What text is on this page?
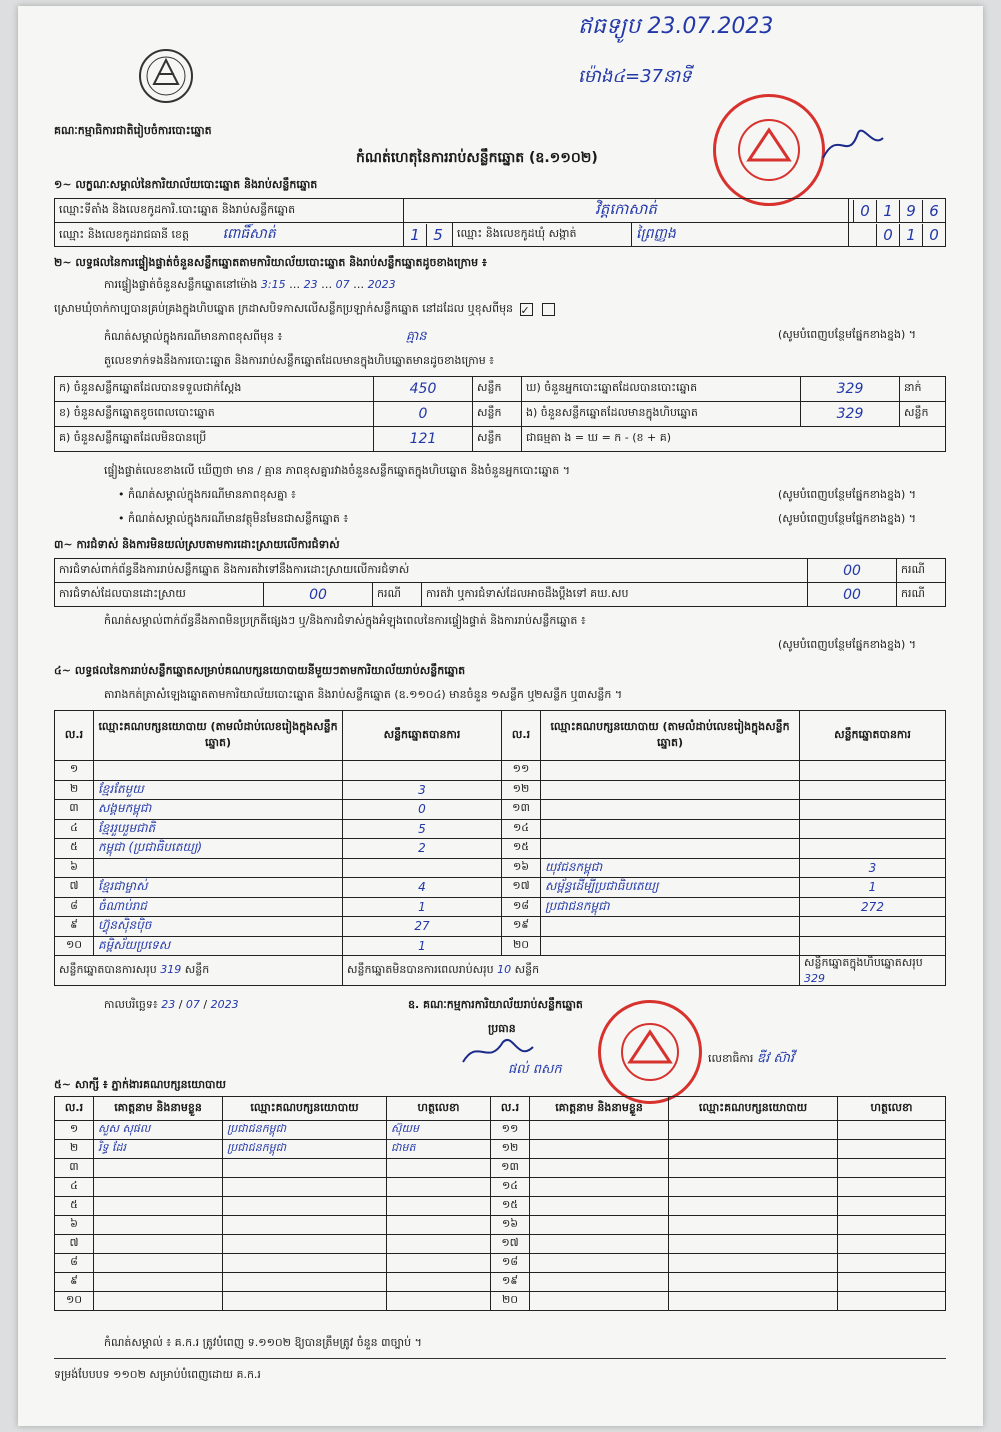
ឥធទ្យូប 23.07.2023
ម៉ោង៤=37នាទី
គណៈកម្មាធិការជាតិរៀបចំការបោះឆ្នោត
កំណត់ហេតុនៃការរាប់សន្លឹកឆ្នោត (ឧ.១១០២)
១~ លក្ខណៈសម្គាល់នៃការិយាល័យបោះឆ្នោត និងរាប់សន្លឹកឆ្នោត
ឈ្មោះទីតាំង និងលេខកូដការិ.បោះឆ្នោត និងរាប់សន្លឹកឆ្នោត	វិត្តកោសាត់			0 1 9 6
ឈ្មោះ និងលេខកូដរាជធានី ខេត្ត ពោធិ៍សាត់	1 5	ឈ្មោះ និងលេខកូដឃុំ សង្កាត់	ព្រៃញ្ញង	0 1 0
២~ លទ្ធផលនៃការផ្ទៀងផ្ទាត់ចំនួនសន្លឹកឆ្នោតតាមការិយាល័យបោះឆ្នោត និងរាប់សន្លឹកឆ្នោតដូចខាងក្រោម ៖
ការផ្ទៀងផ្ទាត់ចំនួនសន្លឹកឆ្នោតនៅម៉ោង 3:15 … 23 … 07 … 2023
ស្រោមឃុំចាក់កាប្បបានគ្រប់គ្រងក្នុងហិបឆ្នោត ក្រដាសបិទកាសលើសន្លឹកប្រឡាក់សន្លឹកឆ្នោត នៅដដែល ឬខុសពីមុន ✓
កំណត់សម្គាល់ក្នុងករណីមានភាពខុសពីមុន ៖	គ្មាន	(សូមបំពេញបន្ថែមផ្នែកខាងខ្នង) ។
តួលេខទាក់ទងនឹងការបោះឆ្នោត និងការរាប់សន្លឹកឆ្នោតដែលមានក្នុងហិបឆ្នោតមានដូចខាងក្រោម ៖
ក) ចំនួនសន្លឹកឆ្នោតដែលបានទទួលជាក់ស្តែង	450	សន្លឹក	ឃ) ចំនួនអ្នកបោះឆ្នោតដែលបានបោះឆ្នោត	329	នាក់
ខ) ចំនួនសន្លឹកឆ្នោតខូចពេលបោះឆ្នោត	0	សន្លឹក	ង) ចំនួនសន្លឹកឆ្នោតដែលមានក្នុងហិបឆ្នោត	329	សន្លឹក
គ) ចំនួនសន្លឹកឆ្នោតដែលមិនបានប្រើ	121	សន្លឹក	ជាធម្មតា ង = ឃ = ក - (ខ + គ)		
ផ្ទៀងផ្ទាត់លេខខាងលើ ឃើញថា មាន / គ្មាន ភាពខុសគ្នារវាងចំនួនសន្លឹកឆ្នោតក្នុងហិបឆ្នោត និងចំនួនអ្នកបោះឆ្នោត ។
• កំណត់សម្គាល់ក្នុងករណីមានភាពខុសគ្នា ៖	(សូមបំពេញបន្ថែមផ្នែកខាងខ្នង) ។
• កំណត់សម្គាល់ក្នុងករណីមានវត្ថុមិនមែនជាសន្លឹកឆ្នោត ៖	(សូមបំពេញបន្ថែមផ្នែកខាងខ្នង) ។
៣~ ការជំទាស់ និងការមិនយល់ស្របតាមការដោះស្រាយលើការជំទាស់
ការជំទាស់ពាក់ព័ន្ធនឹងការរាប់សន្លឹកឆ្នោត និងការតវ៉ាទៅនឹងការដោះស្រាយលើការជំទាស់				00	ករណី
ការជំទាស់ដែលបានដោះស្រាយ	00	ករណី	ការតវ៉ា ឬការជំទាស់ដែលអាចដឹងប្តឹងទៅ គឃ.សប	00	ករណី
កំណត់សម្គាល់ពាក់ព័ន្ធនឹងភាពមិនប្រក្រតីផ្សេងៗ ឬ/និងការជំទាស់ក្នុងអំឡុងពេលនៃការផ្ទៀងផ្ទាត់ និងការរាប់សន្លឹកឆ្នោត ៖
(សូមបំពេញបន្ថែមផ្នែកខាងខ្នង) ។
៤~ លទ្ធផលនៃការរាប់សន្លឹកឆ្នោតសម្រាប់គណបក្សនយោបាយនីមួយៗតាមការិយាល័យរាប់សន្លឹកឆ្នោត
តារាងកត់ត្រាសំឡេងឆ្នោតតាមការិយាល័យបោះឆ្នោត និងរាប់សន្លឹកឆ្នោត (ឧ.១១០៤) មានចំនួន ១សន្លឹក ឬ២សន្លឹក ឬ៣សន្លឹក ។
ល.រ	ឈ្មោះគណបក្សនយោបាយ (តាមលំដាប់លេខរៀងក្នុងសន្លឹកឆ្នោត)	សន្លឹកឆ្នោតបានការ	ល.រ	ឈ្មោះគណបក្សនយោបាយ (តាមលំដាប់លេខរៀងក្នុងសន្លឹកឆ្នោត)	សន្លឹកឆ្នោតបានការ
១			១១		
២	ខ្មែរតែមួយ	3	១២		
៣	សង្គមកម្ពុជា	0	១៣		
៤	ខ្មែររួបរួមជាតិ	5	១៤		
៥	កម្ពុជា (ប្រជាធិបតេយ្យ)	2	១៥		
៦			១៦	យុវជនកម្ពុជា	3
៧	ខ្មែរជាម្ចាស់	4	១៧	សម្ព័ន្ធដើម្បីប្រជាធិបតេយ្យ	1
៨	ចំណាប់រាជ	1	១៨	ប្រជាជនកម្ពុជា	272
៩	ហ៊្វុនស៊ិនប៉ិច	27	១៩		
១០	គម្ពិស័យប្រទេស	1	២០		
សន្លឹកឆ្នោតបានការសរុប 319 សន្លឹក		សន្លឹកឆ្នោតមិនបានការពេលរាប់សរុប 10 សន្លឹក			សន្លឹកឆ្នោតក្នុងហិបឆ្នោតសរុប 329
កាលបរិច្ឆេទ៖ 23 / 07 / 2023	ឧ. គណៈកម្មការការិយាល័យរាប់សន្លឹកឆ្នោត
ប្រធាន
ផល់ ពសក
លេខាធិការ ឌីវ ស៊ាវី
៥~ សាក្សី ៖ ភ្នាក់ងារគណបក្សនយោបាយ
ល.រ	គោត្តនាម និងនាមខ្លួន	ឈ្មោះគណបក្សនយោបាយ	ហត្ថលេខា	ល.រ	គោត្តនាម និងនាមខ្លួន	ឈ្មោះគណបក្សនយោបាយ	ហត្ថលេខា
១	សួស សុផល	ប្រជាជនកម្ពុជា	ស៊ុយម	១១			
២	រិទ្ធ ដែរ	ប្រជាជនកម្ពុជា	ជាមត	១២			
៣				១៣			
៤				១៤			
៥				១៥			
៦				១៦			
៧				១៧			
៨				១៨			
៩				១៩			
១០				២០			
កំណត់សម្គាល់ ៖ គ.ក.រ ត្រូវបំពេញ ទ.១១០២ ឱ្យបានត្រឹមត្រូវ ចំនួន ៣ច្បាប់ ។
ទម្រង់បែបបទ ១១០២ សម្រាប់បំពេញដោយ គ.ក.រ
